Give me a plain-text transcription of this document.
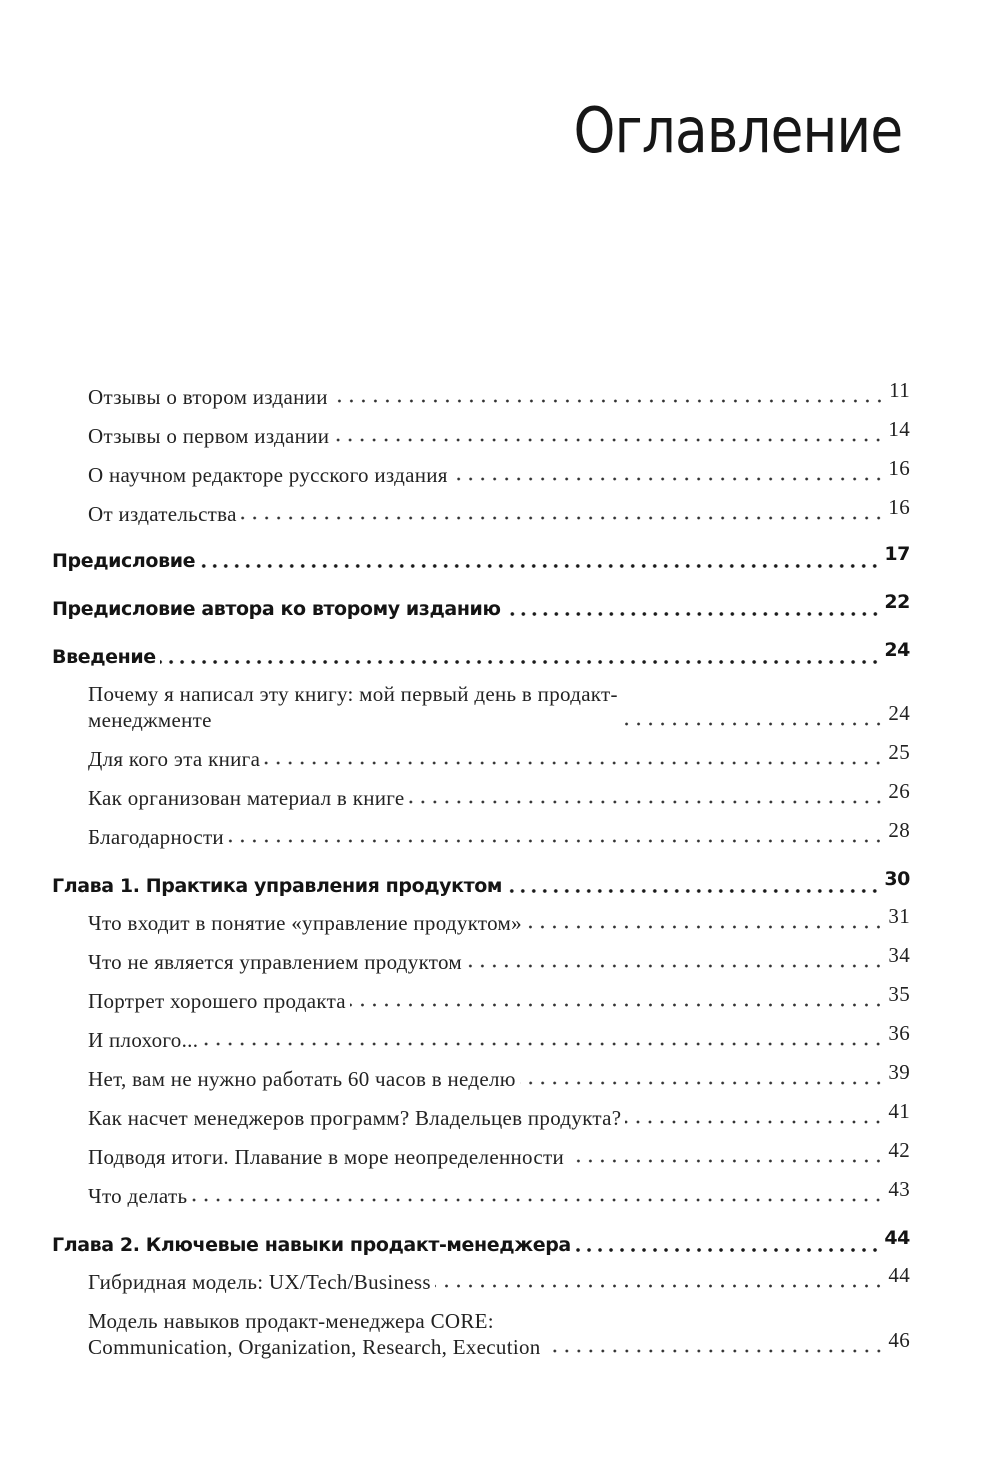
Оглавление
Отзывы о втором издании	11
Отзывы о первом издании	14
О научном редакторе русского издания	16
От издательства	16
Предисловие	17
Предисловие автора ко второму изданию	22
Введение	24
Почему я написал эту книгу: мой первый день в продакт-
менеджменте	24
Для кого эта книга	25
Как организован материал в книге	26
Благодарности	28
Глава 1. Практика управления продуктом	30
Что входит в понятие «управление продуктом»	31
Что не является управлением продуктом	34
Портрет хорошего продакта	35
И плохого...	36
Нет, вам не нужно работать 60 часов в неделю	39
Как насчет менеджеров программ? Владельцев продукта?	41
Подводя итоги. Плавание в море неопределенности	42
Что делать	43
Глава 2. Ключевые навыки продакт-менеджера	44
Гибридная модель: UX/Tech/Business	44
Модель навыков продакт-менеджера CORE:
Communication, Organization, Research, Execution	46
